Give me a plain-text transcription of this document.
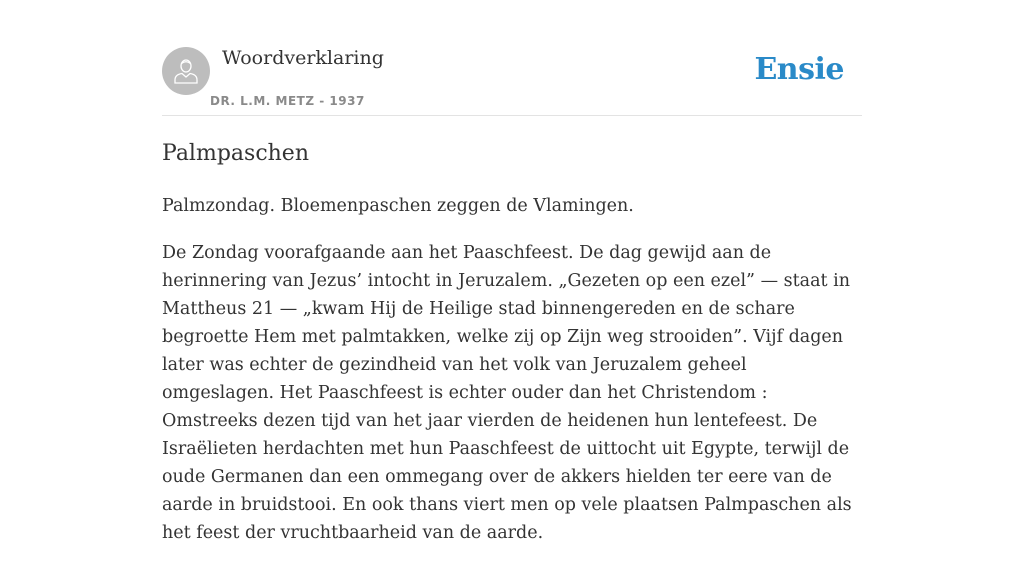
Woordverklaring
DR. L.M. METZ - 1937
Ensie
Palmpaschen

Palmzondag. Bloemenpaschen zeggen de Vlamingen.

De Zondag voorafgaande aan het Paaschfeest. De dag gewijd aan de herinnering van Jezus’ intocht in Jeruzalem. „Gezeten op een ezel” — staat in Mattheus 21 — „kwam Hij de Heilige stad binnengereden en de schare begroette Hem met palmtakken, welke zij op Zijn weg strooiden”. Vijf dagen later was echter de gezindheid van het volk van Jeruzalem geheel omgeslagen. Het Paaschfeest is echter ouder dan het Christendom : Omstreeks dezen tijd van het jaar vierden de heidenen hun lentefeest. De Israëlieten herdachten met hun Paaschfeest de uittocht uit Egypte, terwijl de oude Germanen dan een ommegang over de akkers hielden ter eere van de aarde in bruidstooi. En ook thans viert men op vele plaatsen Palmpaschen als het feest der vruchtbaarheid van de aarde.
